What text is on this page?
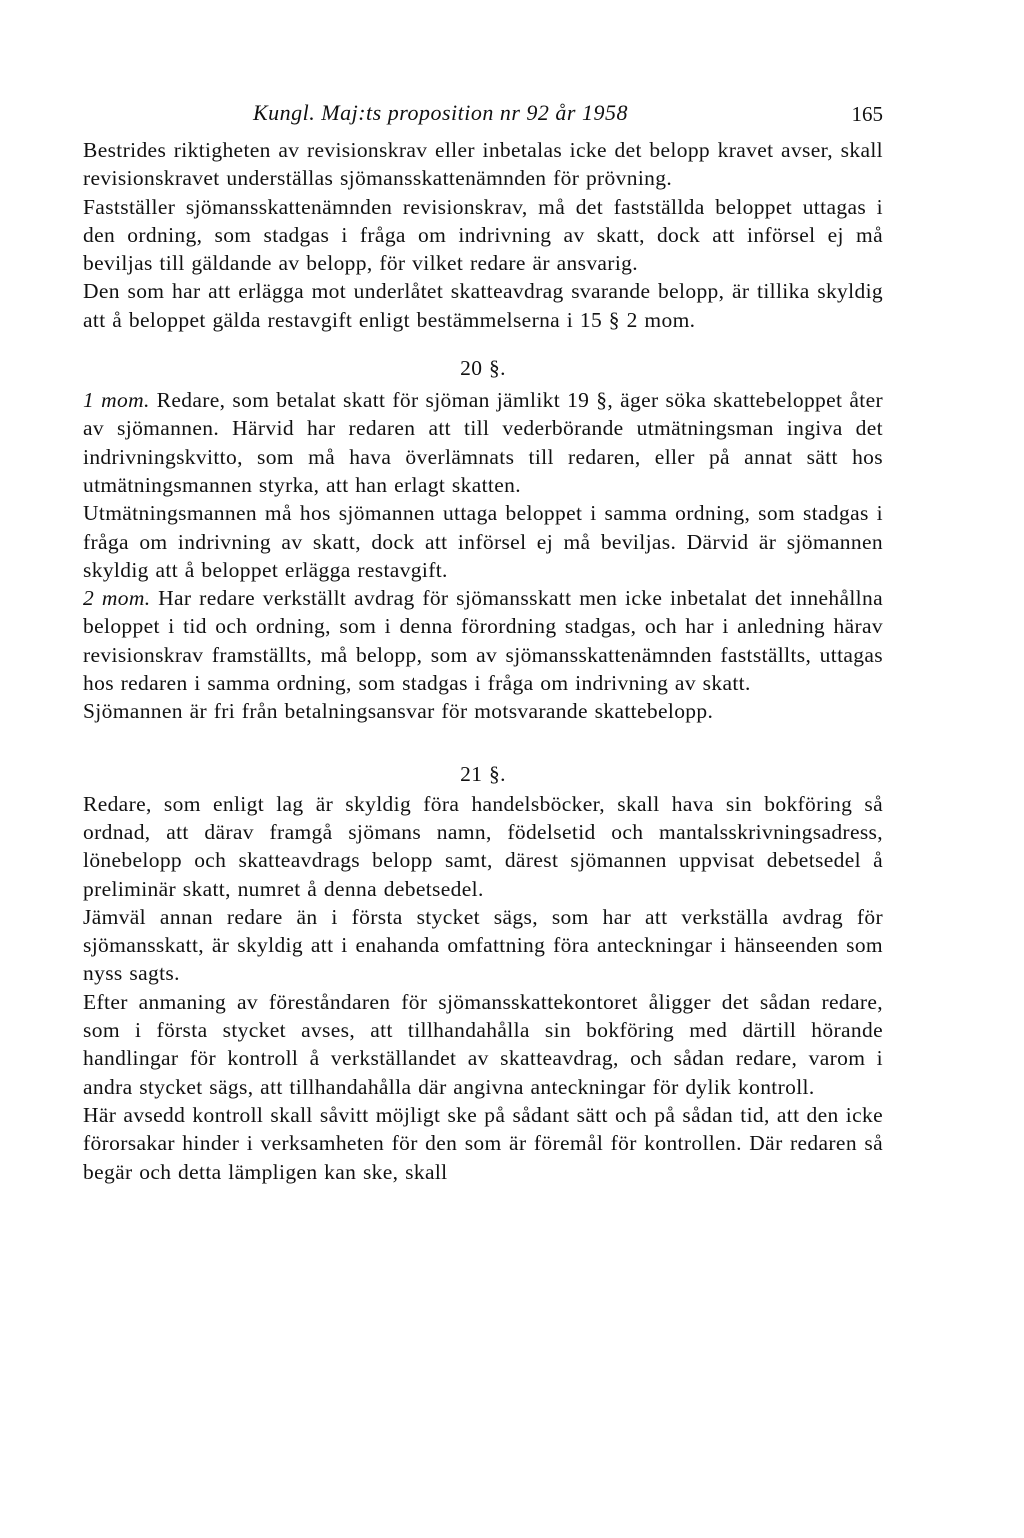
Kungl. Maj:ts proposition nr 92 år 1958	165

Bestrides riktigheten av revisionskrav eller inbetalas icke det belopp kravet avser, skall revisionskravet underställas sjömansskattenämnden för prövning.

Fastställer sjömansskattenämnden revisionskrav, må det fastställda beloppet uttagas i den ordning, som stadgas i fråga om indrivning av skatt, dock att införsel ej må beviljas till gäldande av belopp, för vilket redare är ansvarig.

Den som har att erlägga mot underlåtet skatteavdrag svarande belopp, är tillika skyldig att å beloppet gälda restavgift enligt bestämmelserna i 15 § 2 mom.

20 §.

1 mom. Redare, som betalat skatt för sjöman jämlikt 19 §, äger söka skattebeloppet åter av sjömannen. Härvid har redaren att till vederbörande utmätningsman ingiva det indrivningskvitto, som må hava överlämnats till redaren, eller på annat sätt hos utmätningsmannen styrka, att han erlagt skatten.

Utmätningsmannen må hos sjömannen uttaga beloppet i samma ordning, som stadgas i fråga om indrivning av skatt, dock att införsel ej må beviljas. Därvid är sjömannen skyldig att å beloppet erlägga restavgift.

2 mom. Har redare verkställt avdrag för sjömansskatt men icke inbetalat det innehållna beloppet i tid och ordning, som i denna förordning stadgas, och har i anledning härav revisionskrav framställts, må belopp, som av sjömansskattenämnden fastställts, uttagas hos redaren i samma ordning, som stadgas i fråga om indrivning av skatt.

Sjömannen är fri från betalningsansvar för motsvarande skattebelopp.

21 §.

Redare, som enligt lag är skyldig föra handelsböcker, skall hava sin bokföring så ordnad, att därav framgå sjömans namn, födelsetid och mantalsskrivningsadress, lönebelopp och skatteavdrags belopp samt, därest sjömannen uppvisat debetsedel å preliminär skatt, numret å denna debetsedel.

Jämväl annan redare än i första stycket sägs, som har att verkställa avdrag för sjömansskatt, är skyldig att i enahanda omfattning föra anteckningar i hänseenden som nyss sagts.

Efter anmaning av föreståndaren för sjömansskattekontoret åligger det sådan redare, som i första stycket avses, att tillhandahålla sin bokföring med därtill hörande handlingar för kontroll å verkställandet av skatteavdrag, och sådan redare, varom i andra stycket sägs, att tillhandahålla där angivna anteckningar för dylik kontroll.

Här avsedd kontroll skall såvitt möjligt ske på sådant sätt och på sådan tid, att den icke förorsakar hinder i verksamheten för den som är föremål för kontrollen. Där redaren så begär och detta lämpligen kan ske, skall
